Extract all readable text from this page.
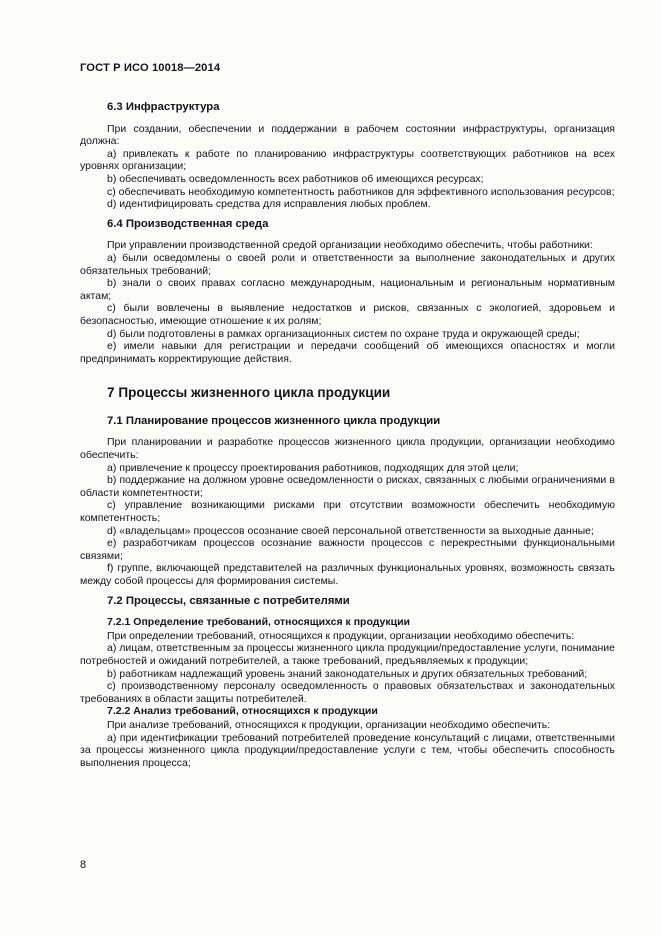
ГОСТ Р ИСО 10018—2014
6.3 Инфраструктура

При создании, обеспечении и поддержании в рабочем состоянии инфраструктуры, организация должна:

a) привлекать к работе по планированию инфраструктуры соответствующих работников на всех уровнях организации;

b) обеспечивать осведомленность всех работников об имеющихся ресурсах;

c) обеспечивать необходимую компетентность работников для эффективного использования ресурсов;

d) идентифицировать средства для исправления любых проблем.

6.4 Производственная среда

При управлении производственной средой организации необходимо обеспечить, чтобы работники:

a) были осведомлены о своей роли и ответственности за выполнение законодательных и других обязательных требований;

b) знали о своих правах согласно международным, национальным и региональным нормативным актам;

c) были вовлечены в выявление недостатков и рисков, связанных с экологией, здоровьем и безопасностью, имеющие отношение к их ролям;

d) были подготовлены в рамках организационных систем по охране труда и окружающей среды;

e) имели навыки для регистрации и передачи сообщений об имеющихся опасностях и могли предпринимать корректирующие действия.

7 Процессы жизненного цикла продукции
7.1 Планирование процессов жизненного цикла продукции

При планировании и разработке процессов жизненного цикла продукции, организации необходимо обеспечить:

a) привлечение к процессу проектирования работников, подходящих для этой цели;

b) поддержание на должном уровне осведомленности о рисках, связанных с любыми ограничениями в области компетентности;

c) управление возникающими рисками при отсутствии возможности обеспечить необходимую компетентность;

d) «владельцам» процессов осознание своей персональной ответственности за выходные данные;

e) разработчикам процессов осознание важности процессов с перекрестными функциональными связями;

f) группе, включающей представителей на различных функциональных уровнях, возможность связать между собой процессы для формирования системы.

7.2 Процессы, связанные с потребителями
7.2.1 Определение требований, относящихся к продукции

При определении требований, относящихся к продукции, организации необходимо обеспечить:

a) лицам, ответственным за процессы жизненного цикла продукции/предоставление услуги, понимание потребностей и ожиданий потребителей, а также требований, предъявляемых к продукции;

b) работникам надлежащий уровень знаний законодательных и других обязательных требований;

c) производственному персоналу осведомленность о правовых обязательствах и законодательных требованиях в области защиты потребителей.

7.2.2 Анализ требований, относящихся к продукции

При анализе требований, относящихся к продукции, организации необходимо обеспечить:

a) при идентификации требований потребителей проведение консультаций с лицами, ответственными за процессы жизненного цикла продукции/предоставление услуги с тем, чтобы обеспечить способность выполнения процесса;

8
